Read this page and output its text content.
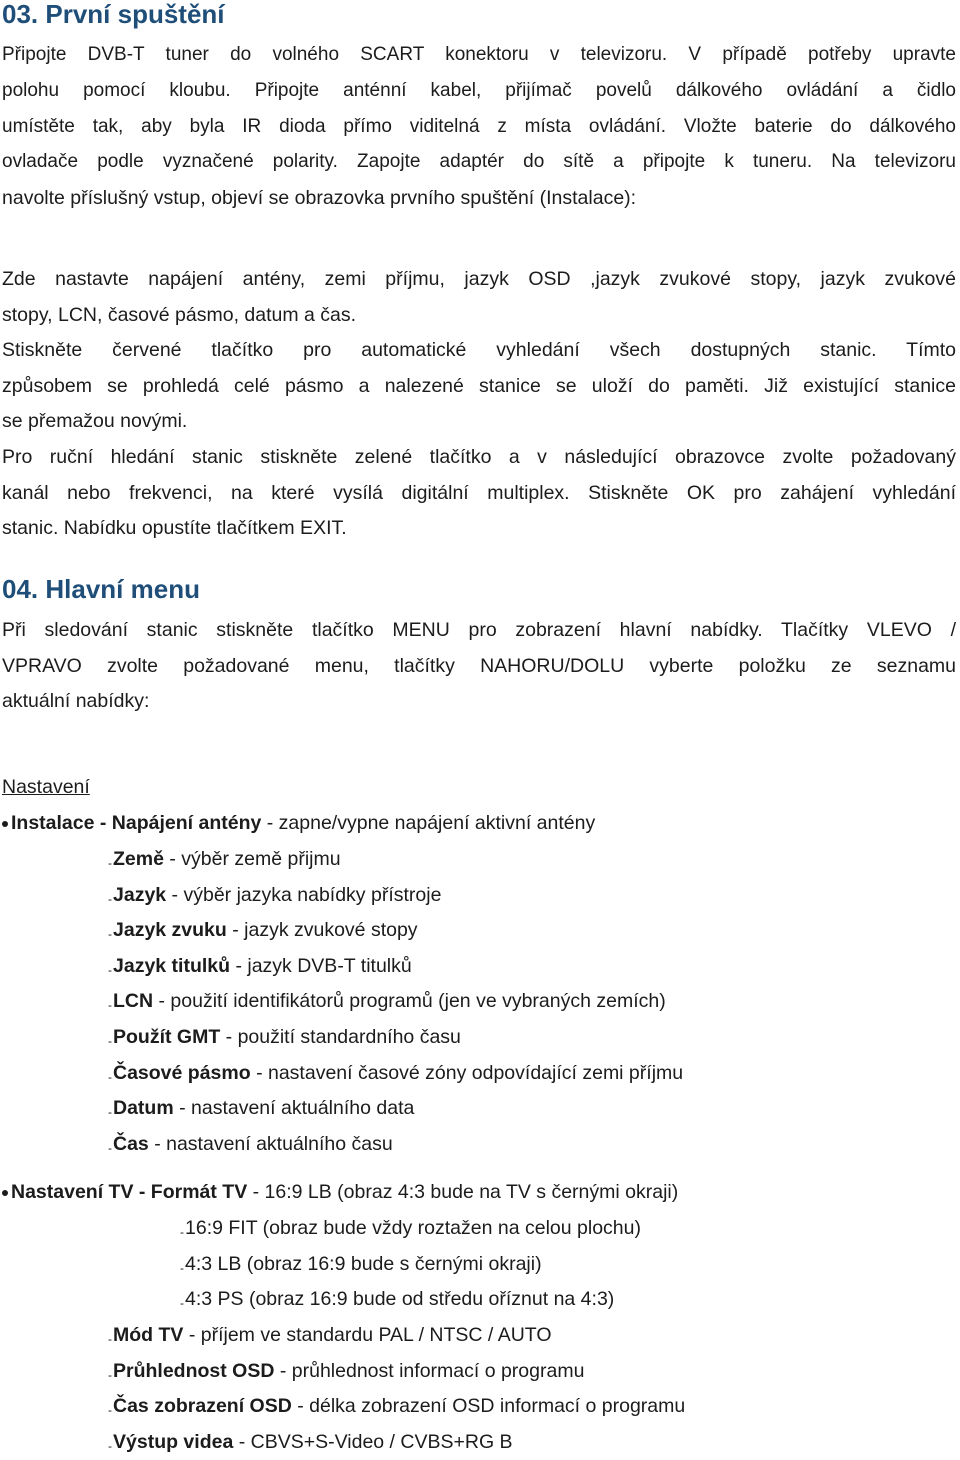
03. První spuštění
Připojte DVB-T tuner do volného SCART konektoru v televizoru. V případě potřeby upravte
polohu pomocí kloubu. Připojte anténní kabel, přijímač povelů dálkového ovládání a čidlo
umístěte tak, aby byla IR dioda přímo viditelná z místa ovládání. Vložte baterie do dálkového
ovladače podle vyznačené polarity. Zapojte adaptér do sítě a připojte k tuneru. Na televizoru
navolte příslušný vstup, objeví se obrazovka prvního spuštění (Instalace):
Zde nastavte napájení antény, zemi příjmu, jazyk OSD ,jazyk zvukové stopy, jazyk zvukové
stopy, LCN, časové pásmo, datum a čas.
Stiskněte červené tlačítko pro automatické vyhledání všech dostupných stanic. Tímto
způsobem se prohledá celé pásmo a nalezené stanice se uloží do paměti. Již existující stanice
se přemažou novými.
Pro ruční hledání stanic stiskněte zelené tlačítko a v následující obrazovce zvolte požadovaný
kanál nebo frekvenci, na které vysílá digitální multiplex. Stiskněte OK pro zahájení vyhledání
stanic. Nabídku opustíte tlačítkem EXIT.
04. Hlavní menu
Při sledování stanic stiskněte tlačítko MENU pro zobrazení hlavní nabídky. Tlačítky VLEVO /
VPRAVO zvolte požadované menu, tlačítky NAHORU/DOLU vyberte položku ze seznamu
aktuální nabídky:
Nastavení
Instalace - Napájení antény - zapne/vypne napájení aktivní antény
-Země - výběr země přijmu
-Jazyk - výběr jazyka nabídky přístroje
-Jazyk zvuku - jazyk zvukové stopy
-Jazyk titulků - jazyk DVB-T titulků
-LCN - použití identifikátorů programů (jen ve vybraných zemích)
-Použít GMT - použití standardního času
-Časové pásmo - nastavení časové zóny odpovídající zemi příjmu
-Datum - nastavení aktuálního data
-Čas - nastavení aktuálního času
Nastavení TV - Formát TV - 16:9 LB (obraz 4:3 bude na TV s černými okraji)
-16:9 FIT (obraz bude vždy roztažen na celou plochu)
-4:3 LB (obraz 16:9 bude s černými okraji)
-4:3 PS (obraz 16:9 bude od středu oříznut na 4:3)
-Mód TV - příjem ve standardu PAL / NTSC / AUTO
-Průhlednost OSD - průhlednost informací o programu
-Čas zobrazení OSD - délka zobrazení OSD informací o programu
-Výstup videa - CBVS+S-Video / CVBS+RG B
